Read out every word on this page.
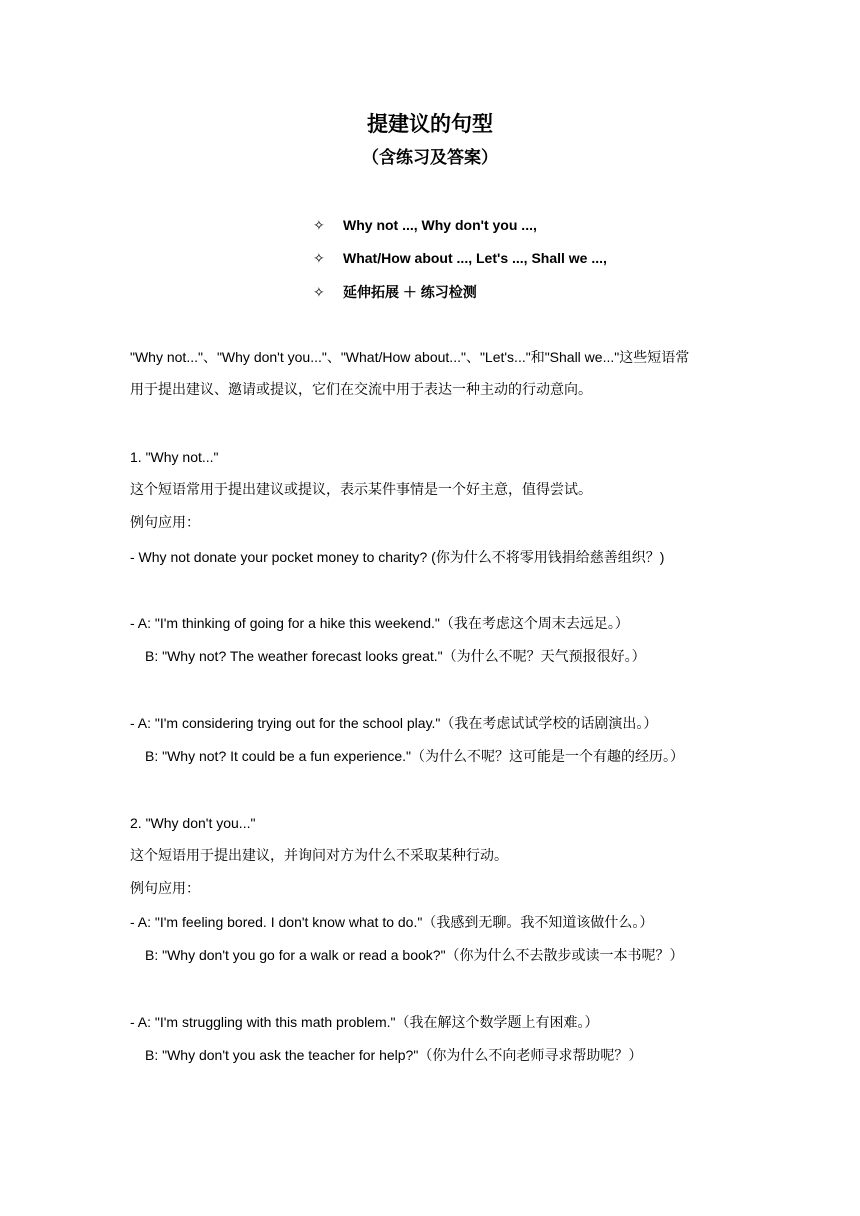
提建议的句型
（含练习及答案）
✧ Why not ..., Why don't you ...,
✧ What/How about ..., Let's ..., Shall we ...,
✧ 延伸拓展 ＋ 练习检测
"Why not..."、"Why don't you..."、"What/How about..."、"Let's..."和"Shall we..."这些短语常
用于提出建议、邀请或提议，它们在交流中用于表达一种主动的行动意向。
1. "Why not..."
这个短语常用于提出建议或提议，表示某件事情是一个好主意，值得尝试。
例句应用：
- Why not donate your pocket money to charity? (你为什么不将零用钱捐给慈善组织？)
- A: "I'm thinking of going for a hike this weekend."（我在考虑这个周末去远足。）
B: "Why not? The weather forecast looks great."（为什么不呢？天气预报很好。）
- A: "I'm considering trying out for the school play."（我在考虑试试学校的话剧演出。）
B: "Why not? It could be a fun experience."（为什么不呢？这可能是一个有趣的经历。）
2. "Why don't you..."
这个短语用于提出建议，并询问对方为什么不采取某种行动。
例句应用：
- A: "I'm feeling bored. I don't know what to do."（我感到无聊。我不知道该做什么。）
B: "Why don't you go for a walk or read a book?"（你为什么不去散步或读一本书呢？）
- A: "I'm struggling with this math problem."（我在解这个数学题上有困难。）
B: "Why don't you ask the teacher for help?"（你为什么不向老师寻求帮助呢？）
